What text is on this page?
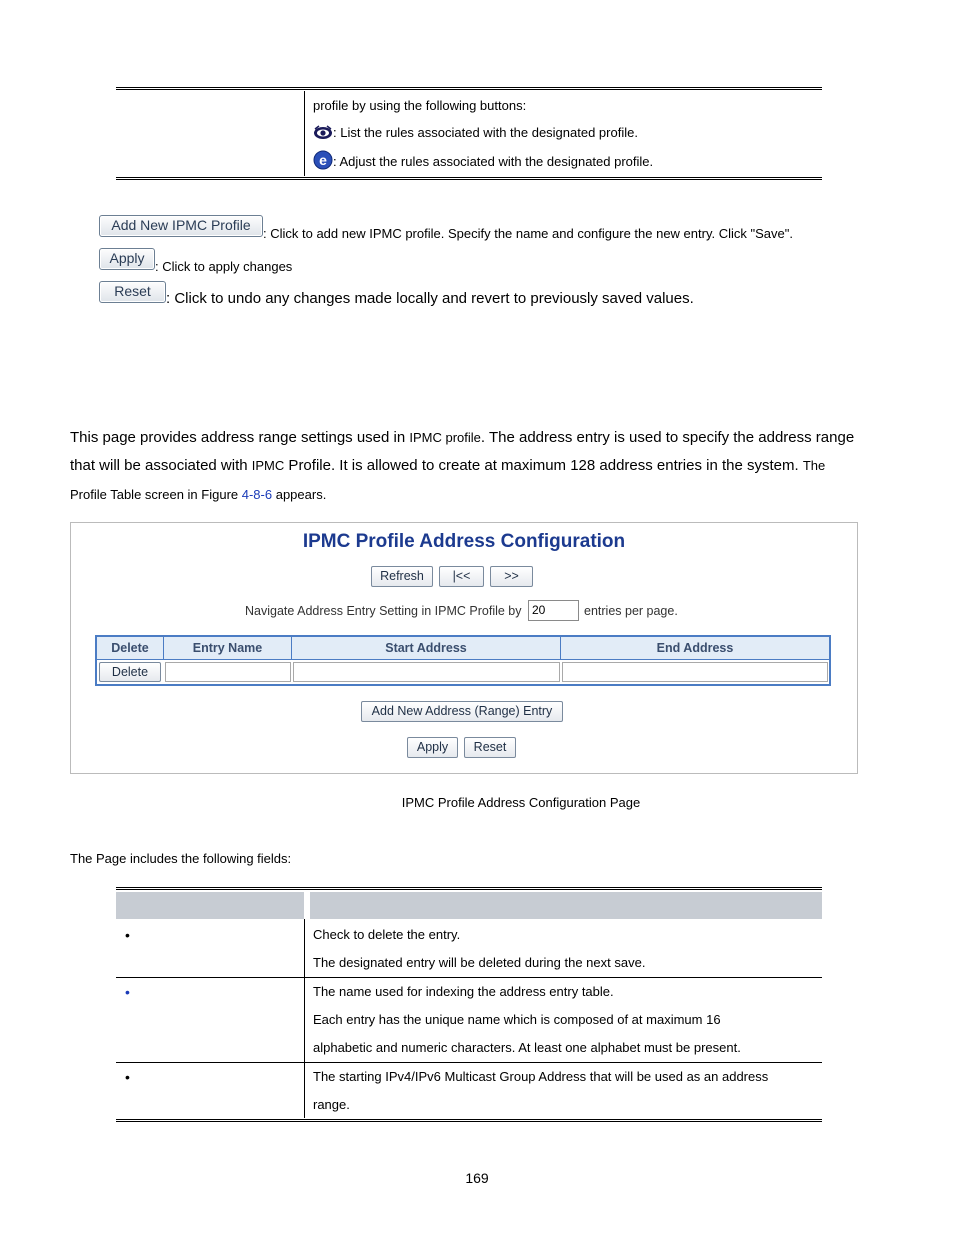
profile by using the following buttons:
: List the rules associated with the designated profile.
e : Adjust the rules associated with the designated profile.
Add New IPMC Profile
: Click to add new IPMC profile. Specify the name and configure the new entry. Click "Save".
Apply
: Click to apply changes
Reset	: Click to undo any changes made locally and revert to previously saved values.
This page provides address range settings used in IPMC profile. The address entry is used to specify the address range
that will be associated with IPMC Profile. It is allowed to create at maximum 128 address entries in the system. The
Profile Table screen in Figure 4-8-6 appears.
IPMC Profile Address Configuration
Refresh	|<<	>>
Navigate Address Entry Setting in IPMC Profile by 20	entries per page.
Delete	Entry Name	Start Address	End Address
Delete
Add New Address (Range) Entry
Apply	Reset
IPMC Profile Address Configuration Page
The Page includes the following fields:
•	Check to delete the entry.
The designated entry will be deleted during the next save.
•	The name used for indexing the address entry table.
Each entry has the unique name which is composed of at maximum 16
alphabetic and numeric characters. At least one alphabet must be present.
•	The starting IPv4/IPv6 Multicast Group Address that will be used as an address
range.
169
